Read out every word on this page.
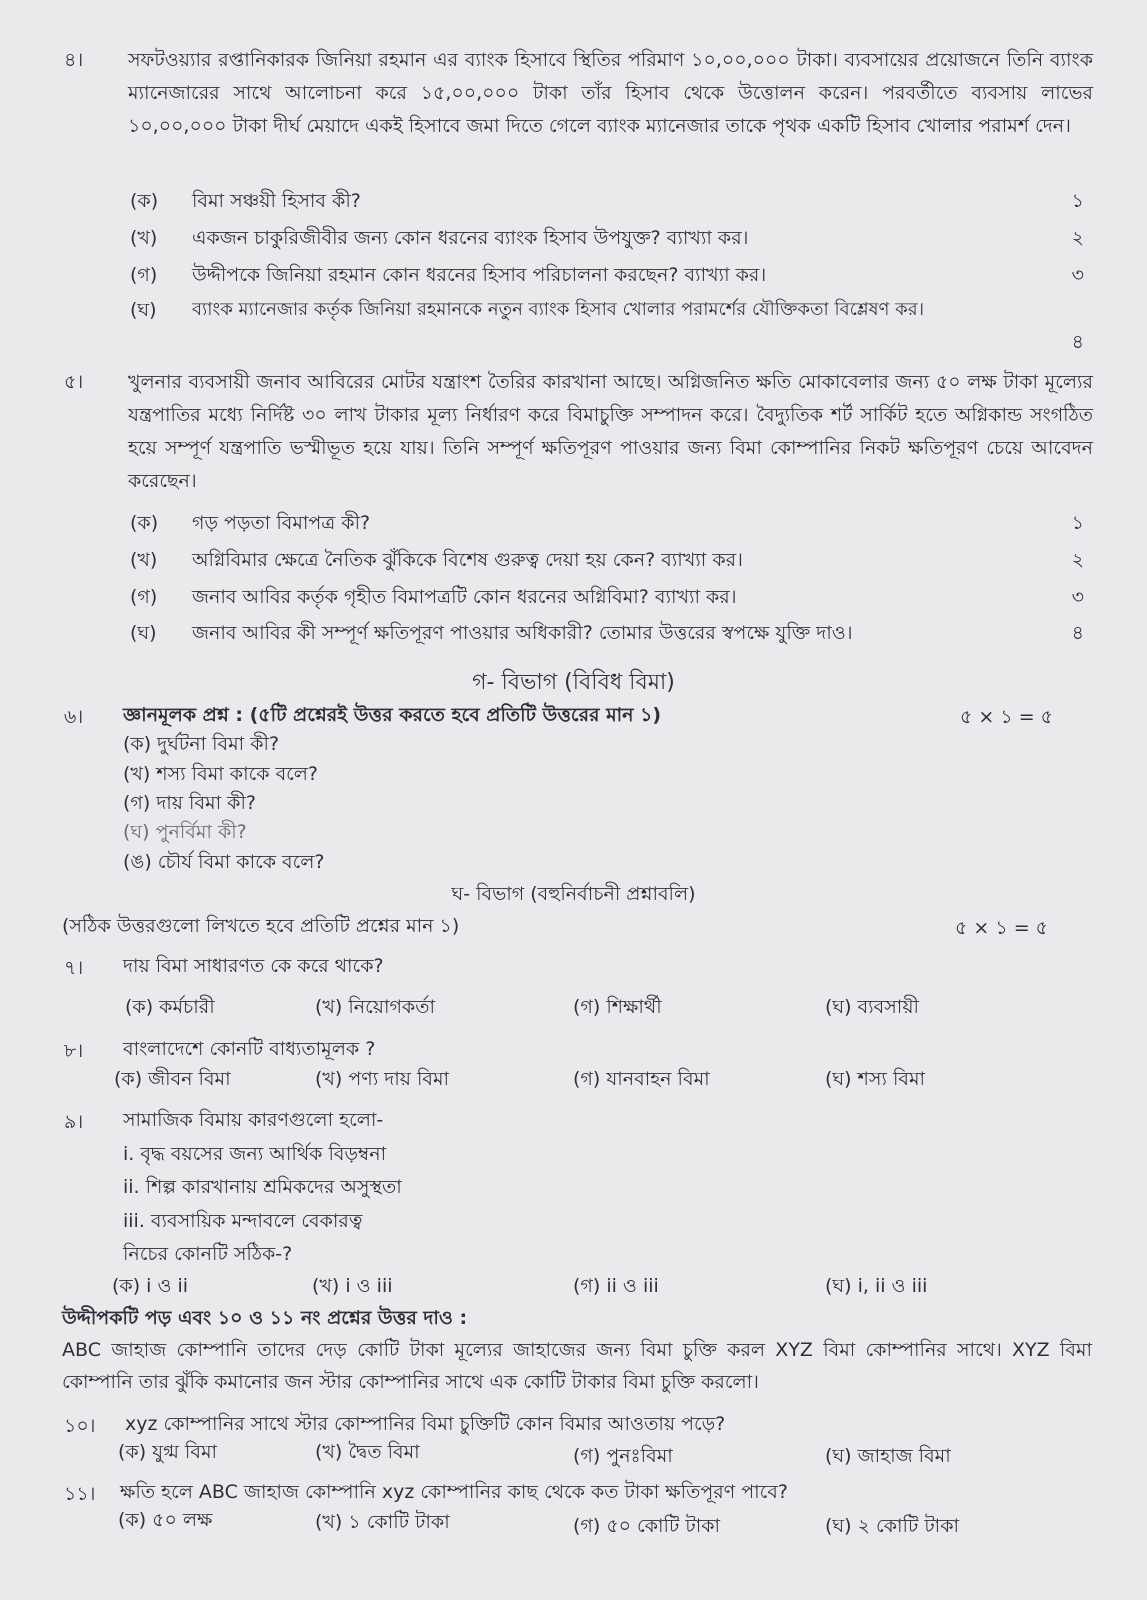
৪। সফটওয়্যার রপ্তানিকারক জিনিয়া রহমান এর ব্যাংক হিসাবে স্থিতির পরিমাণ ১০,০০,০০০ টাকা। ব্যবসায়ের প্রয়োজনে তিনি ব্যাংক ম্যানেজারের সাথে আলোচনা করে ১৫,০০,০০০ টাকা তাঁর হিসাব থেকে উত্তোলন করেন। পরবর্তীতে ব্যবসায় লাভের ১০,০০,০০০ টাকা দীর্ঘ মেয়াদে একই হিসাবে জমা দিতে গেলে ব্যাংক ম্যানেজার তাকে পৃথক একটি হিসাব খোলার পরামর্শ দেন।
(ক) বিমা সঞ্চয়ী হিসাব কী?	১
(খ) একজন চাকুরিজীবীর জন্য কোন ধরনের ব্যাংক হিসাব উপযুক্ত? ব্যাখ্যা কর।	২
(গ) উদ্দীপকে জিনিয়া রহমান কোন ধরনের হিসাব পরিচালনা করছেন? ব্যাখ্যা কর।	৩
(ঘ) ব্যাংক ম্যানেজার কর্তৃক জিনিয়া রহমানকে নতুন ব্যাংক হিসাব খোলার পরামর্শের যৌক্তিকতা বিশ্লেষণ কর।
৪
৫। খুলনার ব্যবসায়ী জনাব আবিরের মোটর যন্ত্রাংশ তৈরির কারখানা আছে। অগ্নিজনিত ক্ষতি মোকাবেলার জন্য ৫০ লক্ষ টাকা মূল্যের যন্ত্রপাতির মধ্যে নির্দিষ্ট ৩০ লাখ টাকার মূল্য নির্ধারণ করে বিমাচুক্তি সম্পাদন করে। বৈদ্যুতিক শর্ট সার্কিট হতে অগ্নিকান্ড সংগঠিত হয়ে সম্পূর্ণ যন্ত্রপাতি ভস্মীভূত হয়ে যায়। তিনি সম্পূর্ণ ক্ষতিপূরণ পাওয়ার জন্য বিমা কোম্পানির নিকট ক্ষতিপূরণ চেয়ে আবেদন করেছেন।
(ক) গড় পড়তা বিমাপত্র কী?	১
(খ) অগ্নিবিমার ক্ষেত্রে নৈতিক ঝুঁকিকে বিশেষ গুরুত্ব দেয়া হয় কেন? ব্যাখ্যা কর।	২
(গ) জনাব আবির কর্তৃক গৃহীত বিমাপত্রটি কোন ধরনের অগ্নিবিমা? ব্যাখ্যা কর।	৩
(ঘ) জনাব আবির কী সম্পূর্ণ ক্ষতিপূরণ পাওয়ার অধিকারী? তোমার উত্তরের স্বপক্ষে যুক্তি দাও।	৪
গ- বিভাগ (বিবিধ বিমা)
৬। জ্ঞানমূলক প্রশ্ন : (৫টি প্রশ্নেরই উত্তর করতে হবে প্রতিটি উত্তরের মান ১)	৫ × ১ = ৫
(ক) দুর্ঘটনা বিমা কী?
(খ) শস্য বিমা কাকে বলে?
(গ) দায় বিমা কী?
(ঘ) পুনর্বিমা কী?
(ঙ) চৌর্য বিমা কাকে বলে?
ঘ- বিভাগ (বহুনির্বাচনী প্রশ্নাবলি)
(সঠিক উত্তরগুলো লিখতে হবে প্রতিটি প্রশ্নের মান ১)	৫ × ১ = ৫
৭। দায় বিমা সাধারণত কে করে থাকে?
(ক) কর্মচারী	(খ) নিয়োগকর্তা	(গ) শিক্ষার্থী	(ঘ) ব্যবসায়ী
৮। বাংলাদেশে কোনটি বাধ্যতামূলক ?
(ক) জীবন বিমা	(খ) পণ্য দায় বিমা	(গ) যানবাহন বিমা	(ঘ) শস্য বিমা
৯। সামাজিক বিমায় কারণগুলো হলো-
i. বৃদ্ধ বয়সের জন্য আর্থিক বিড়ম্বনা
ii. শিল্প কারখানায় শ্রমিকদের অসুস্থতা
iii. ব্যবসায়িক মন্দাবলে বেকারত্ব
নিচের কোনটি সঠিক-?
(ক) i ও ii	(খ) i ও iii	(গ) ii ও iii	(ঘ) i, ii ও iii
উদ্দীপকটি পড় এবং ১০ ও ১১ নং প্রশ্নের উত্তর দাও :
ABC জাহাজ কোম্পানি তাদের দেড় কোটি টাকা মূল্যের জাহাজের জন্য বিমা চুক্তি করল XYZ বিমা কোম্পানির সাথে। XYZ বিমা কোম্পানি তার ঝুঁকি কমানোর জন স্টার কোম্পানির সাথে এক কোটি টাকার বিমা চুক্তি করলো।
১০। xyz কোম্পানির সাথে স্টার কোম্পানির বিমা চুক্তিটি কোন বিমার আওতায় পড়ে?
(ক) যুগ্ম বিমা	(খ) দ্বৈত বিমা	(গ) পুনঃবিমা	(ঘ) জাহাজ বিমা
১১। ক্ষতি হলে ABC জাহাজ কোম্পানি xyz কোম্পানির কাছ থেকে কত টাকা ক্ষতিপূরণ পাবে?
(ক) ৫০ লক্ষ	(খ) ১ কোটি টাকা	(গ) ৫০ কোটি টাকা	(ঘ) ২ কোটি টাকা
